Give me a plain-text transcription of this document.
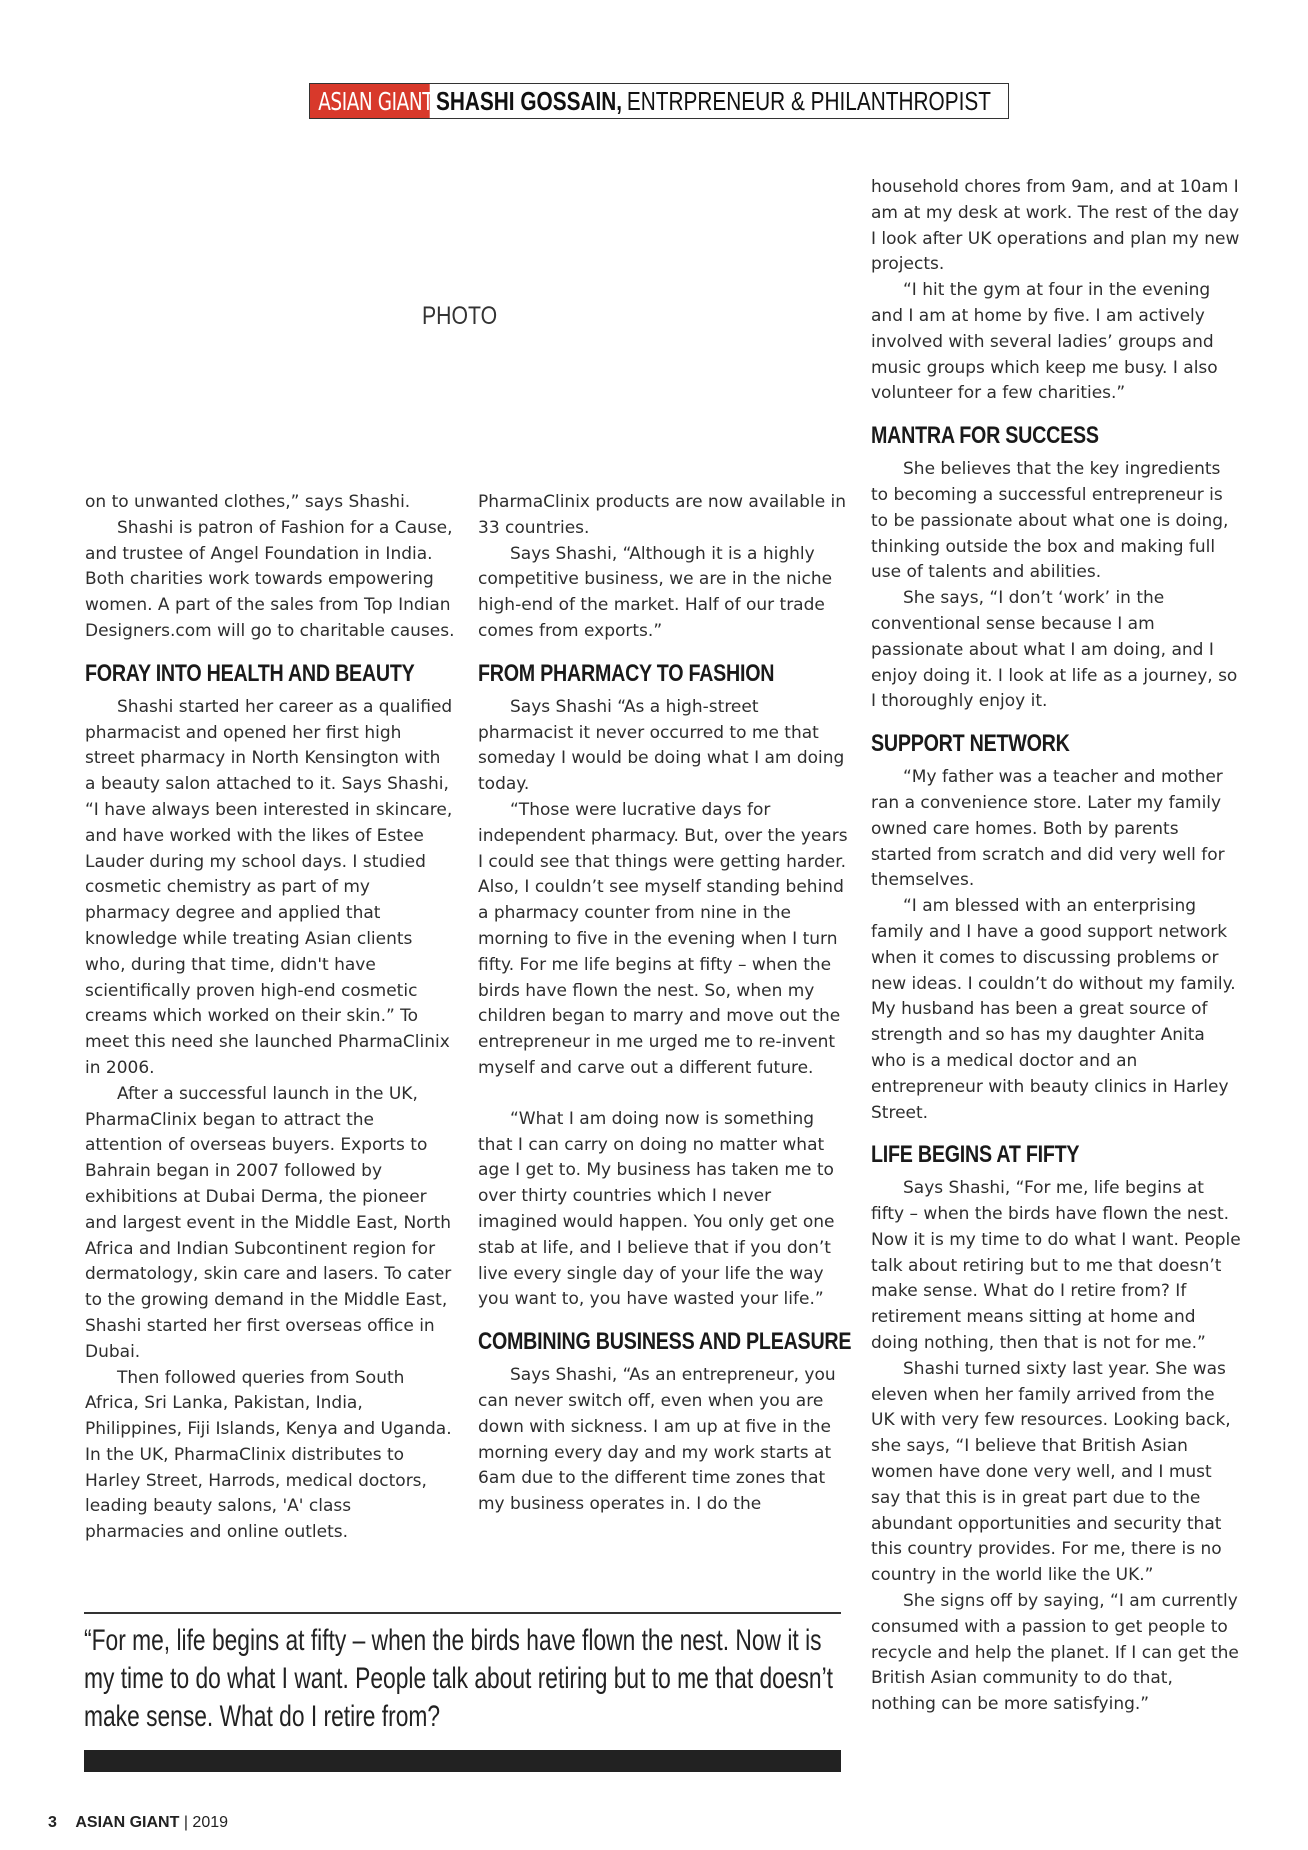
ASIAN GIANT SHASHI GOSSAIN, ENTRPRENEUR & PHILANTHROPIST
PHOTO

on to unwanted clothes,” says Shashi.

Shashi is patron of Fashion for a Cause, and trustee of Angel Foundation in India. Both charities work towards empowering women. A part of the sales from Top Indian Designers.com will go to charitable causes.

FORAY INTO HEALTH AND BEAUTY

Shashi started her career as a qualified pharmacist and opened her first high street pharmacy in North Kensington with a beauty salon attached to it. Says Shashi, “I have always been interested in skincare, and have worked with the likes of Estee Lauder during my school days. I studied cosmetic chemistry as part of my pharmacy degree and applied that knowledge while treating Asian clients who, during that time, didn't have scientifically proven high-end cosmetic creams which worked on their skin.” To meet this need she launched PharmaClinix in 2006.

After a successful launch in the UK, PharmaClinix began to attract the attention of overseas buyers. Exports to Bahrain began in 2007 followed by exhibitions at Dubai Derma, the pioneer and largest event in the Middle East, North Africa and Indian Subcontinent region for dermatology, skin care and lasers. To cater to the growing demand in the Middle East, Shashi started her first overseas office in Dubai.

Then followed queries from South Africa, Sri Lanka, Pakistan, India, Philippines, Fiji Islands, Kenya and Uganda. In the UK, PharmaClinix distributes to Harley Street, Harrods, medical doctors, leading beauty salons, 'A' class pharmacies and online outlets.

PharmaClinix products are now available in 33 countries.

Says Shashi, “Although it is a highly competitive business, we are in the niche high-end of the market. Half of our trade comes from exports.”

FROM PHARMACY TO FASHION

Says Shashi “As a high-street pharmacist it never occurred to me that someday I would be doing what I am doing today.

“Those were lucrative days for independent pharmacy. But, over the years I could see that things were getting harder. Also, I couldn’t see myself standing behind a pharmacy counter from nine in the morning to five in the evening when I turn fifty. For me life begins at fifty – when the birds have flown the nest. So, when my children began to marry and move out the entrepreneur in me urged me to re-invent myself and carve out a different future.

“What I am doing now is something that I can carry on doing no matter what age I get to. My business has taken me to over thirty countries which I never imagined would happen. You only get one stab at life, and I believe that if you don’t live every single day of your life the way you want to, you have wasted your life.”

COMBINING BUSINESS AND PLEASURE

Says Shashi, “As an entrepreneur, you can never switch off, even when you are down with sickness. I am up at five in the morning every day and my work starts at 6am due to the different time zones that my business operates in. I do the

household chores from 9am, and at 10am I am at my desk at work. The rest of the day I look after UK operations and plan my new projects.

“I hit the gym at four in the evening and I am at home by five. I am actively involved with several ladies’ groups and music groups which keep me busy. I also volunteer for a few charities.”

MANTRA FOR SUCCESS

She believes that the key ingredients to becoming a successful entrepreneur is to be passionate about what one is doing, thinking outside the box and making full use of talents and abilities.

She says, “I don’t ‘work’ in the conventional sense because I am passionate about what I am doing, and I enjoy doing it. I look at life as a journey, so I thoroughly enjoy it.

SUPPORT NETWORK

“My father was a teacher and mother ran a convenience store. Later my family owned care homes. Both by parents started from scratch and did very well for themselves.

“I am blessed with an enterprising family and I have a good support network when it comes to discussing problems or new ideas. I couldn’t do without my family. My husband has been a great source of strength and so has my daughter Anita who is a medical doctor and an entrepreneur with beauty clinics in Harley Street.

LIFE BEGINS AT FIFTY

Says Shashi, “For me, life begins at fifty – when the birds have flown the nest. Now it is my time to do what I want. People talk about retiring but to me that doesn’t make sense. What do I retire from? If retirement means sitting at home and doing nothing, then that is not for me.”

Shashi turned sixty last year. She was eleven when her family arrived from the UK with very few resources. Looking back, she says, “I believe that British Asian women have done very well, and I must say that this is in great part due to the abundant opportunities and security that this country provides. For me, there is no country in the world like the UK.”

She signs off by saying, “I am currently consumed with a passion to get people to recycle and help the planet. If I can get the British Asian community to do that, nothing can be more satisfying.”

“For me, life begins at fifty – when the birds have flown the nest. Now it is my time to do what I want. People talk about retiring but to me that doesn’t make sense. What do I retire from?

3 ASIAN GIANT | 2019
